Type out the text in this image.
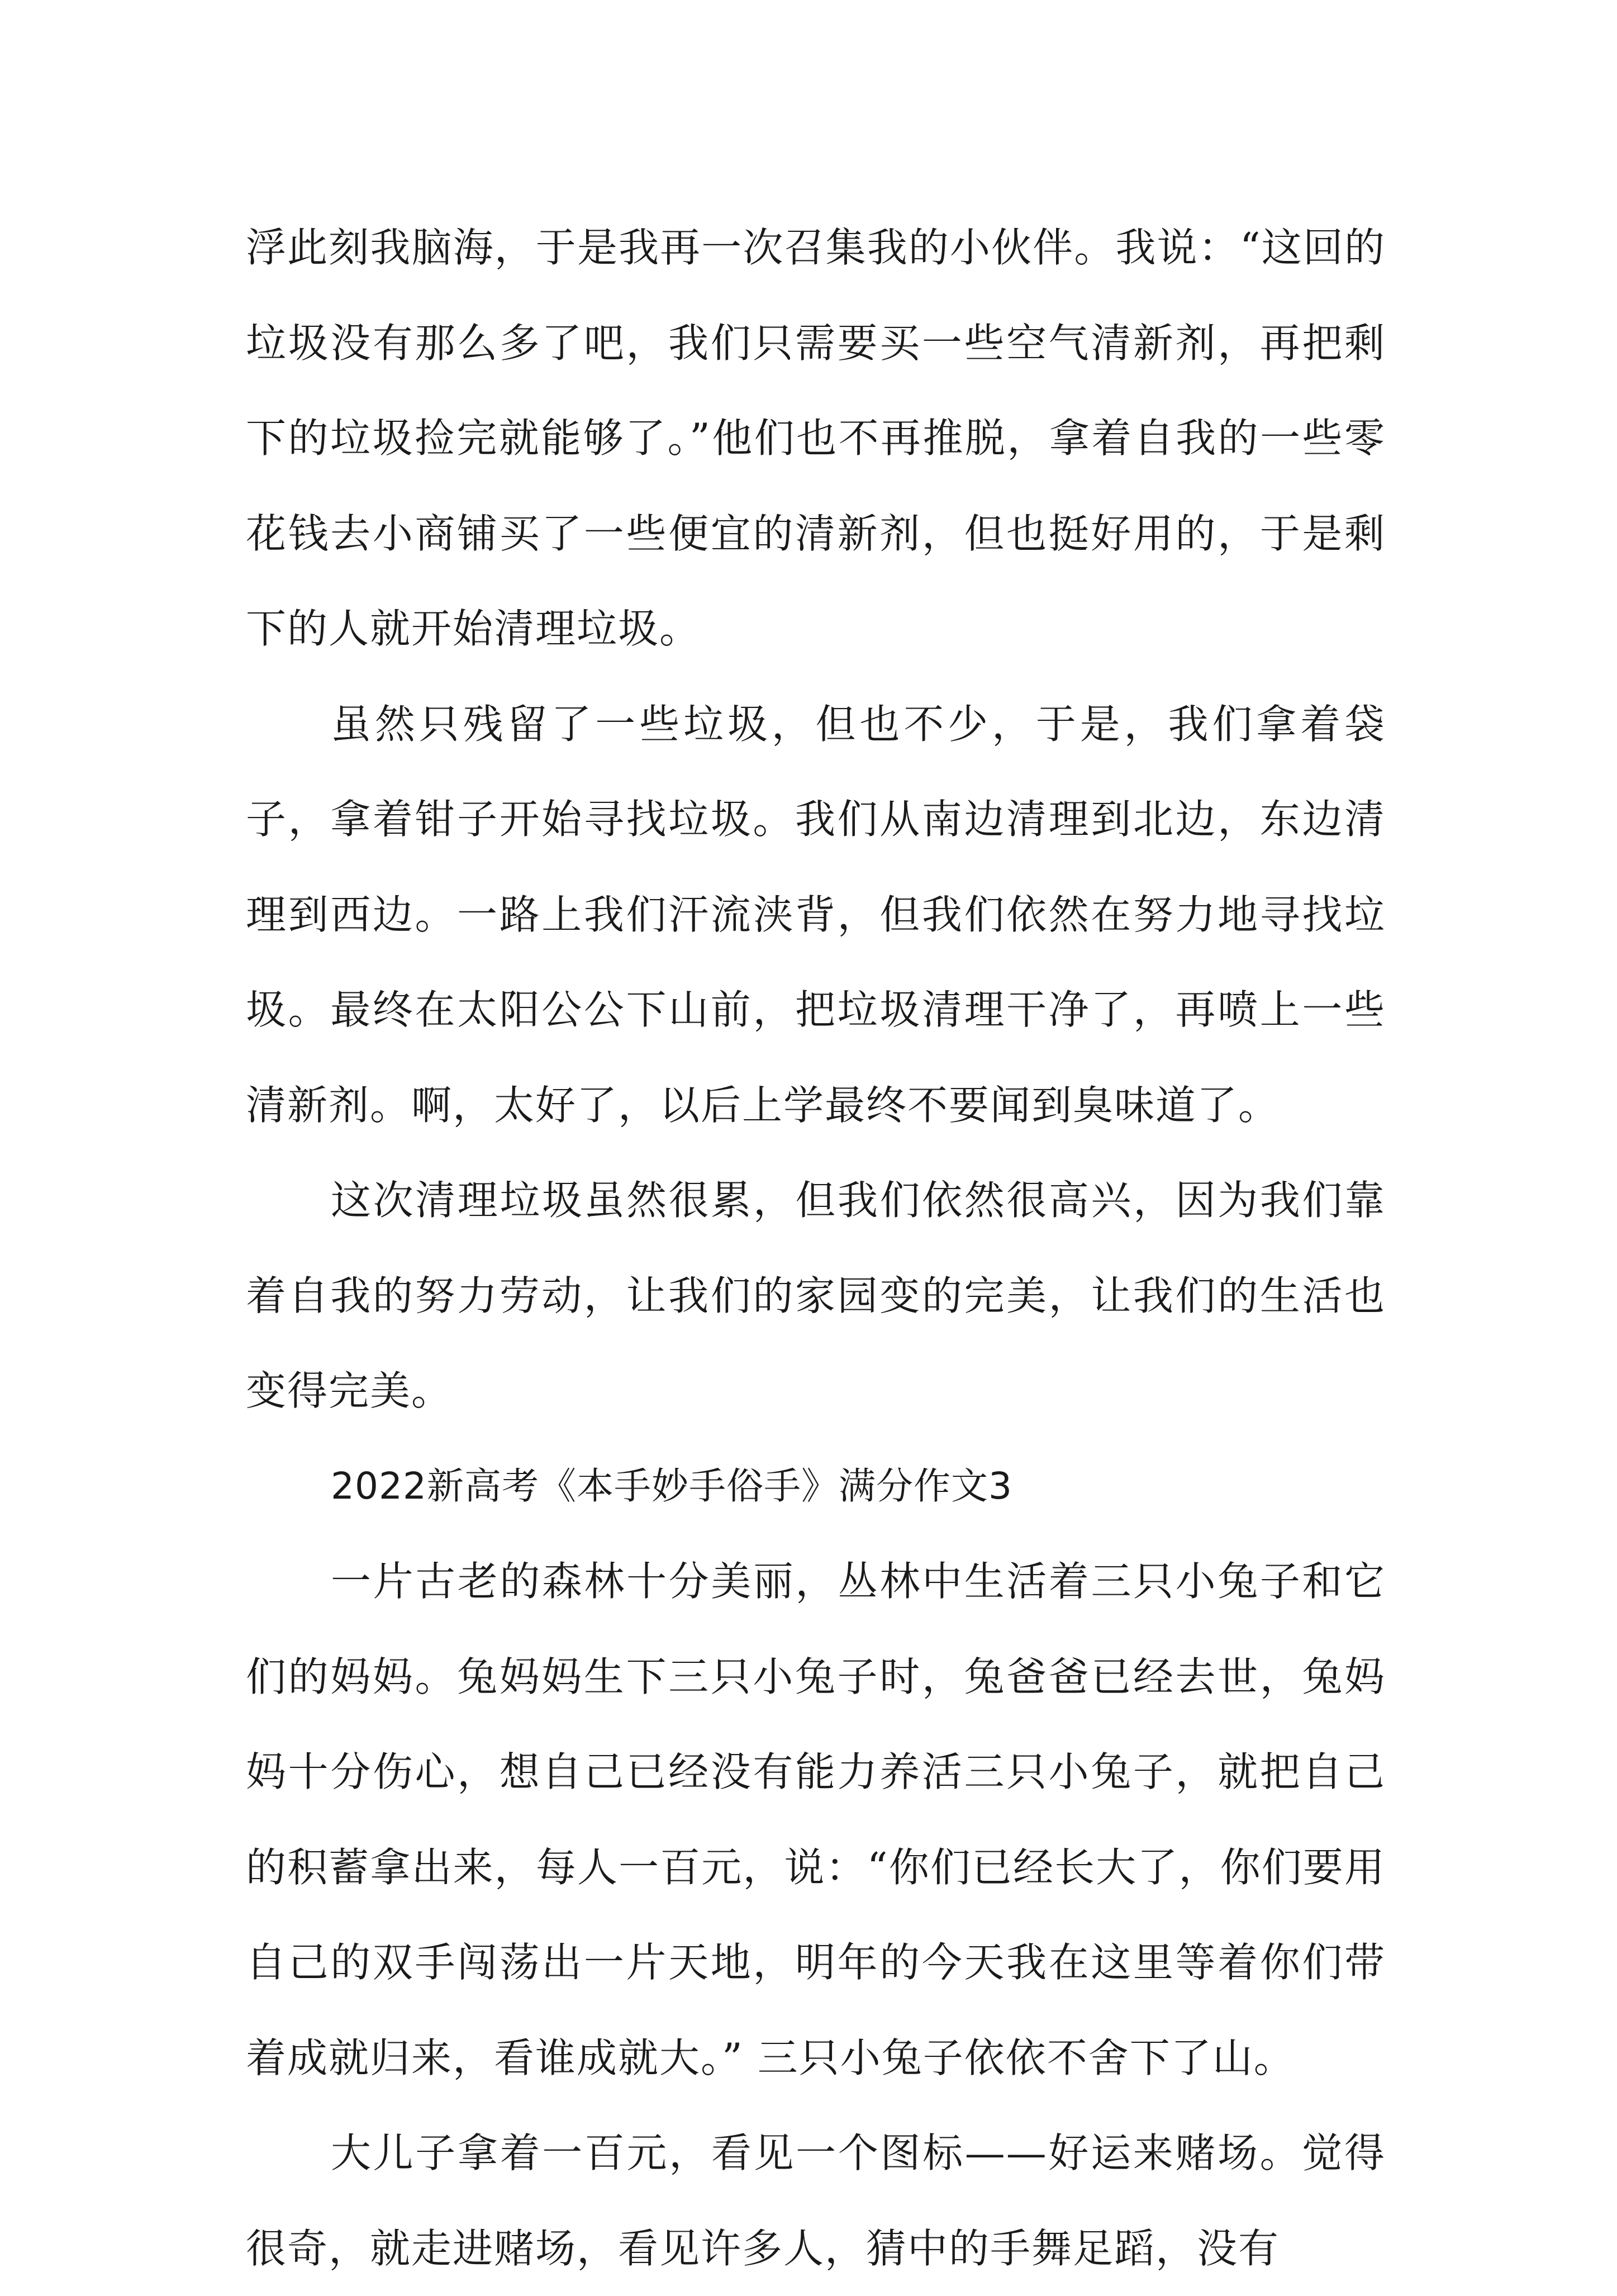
浮此刻我脑海，于是我再一次召集我的小伙伴。我说：“这回的垃圾没有那么多了吧，我们只需要买一些空气清新剂，再把剩下的垃圾捡完就能够了。”他们也不再推脱，拿着自我的一些零花钱去小商铺买了一些便宜的清新剂，但也挺好用的，于是剩下的人就开始清理垃圾。

虽然只残留了一些垃圾，但也不少，于是，我们拿着袋子，拿着钳子开始寻找垃圾。我们从南边清理到北边，东边清理到西边。一路上我们汗流浃背，但我们依然在努力地寻找垃圾。最终在太阳公公下山前，把垃圾清理干净了，再喷上一些清新剂。啊，太好了，以后上学最终不要闻到臭味道了。

这次清理垃圾虽然很累，但我们依然很高兴，因为我们靠着自我的努力劳动，让我们的家园变的完美，让我们的生活也变得完美。

2022新高考《本手妙手俗手》满分作文3

一片古老的森林十分美丽，丛林中生活着三只小兔子和它们的妈妈。兔妈妈生下三只小兔子时，兔爸爸已经去世，兔妈妈十分伤心，想自己已经没有能力养活三只小兔子，就把自己的积蓄拿出来，每人一百元，说：“你们已经长大了，你们要用自己的双手闯荡出一片天地，明年的今天我在这里等着你们带着成就归来，看谁成就大。” 三只小兔子依依不舍下了山。

大儿子拿着一百元，看见一个图标——好运来赌场。觉得很奇，就走进赌场，看见许多人，猜中的手舞足蹈，没有
